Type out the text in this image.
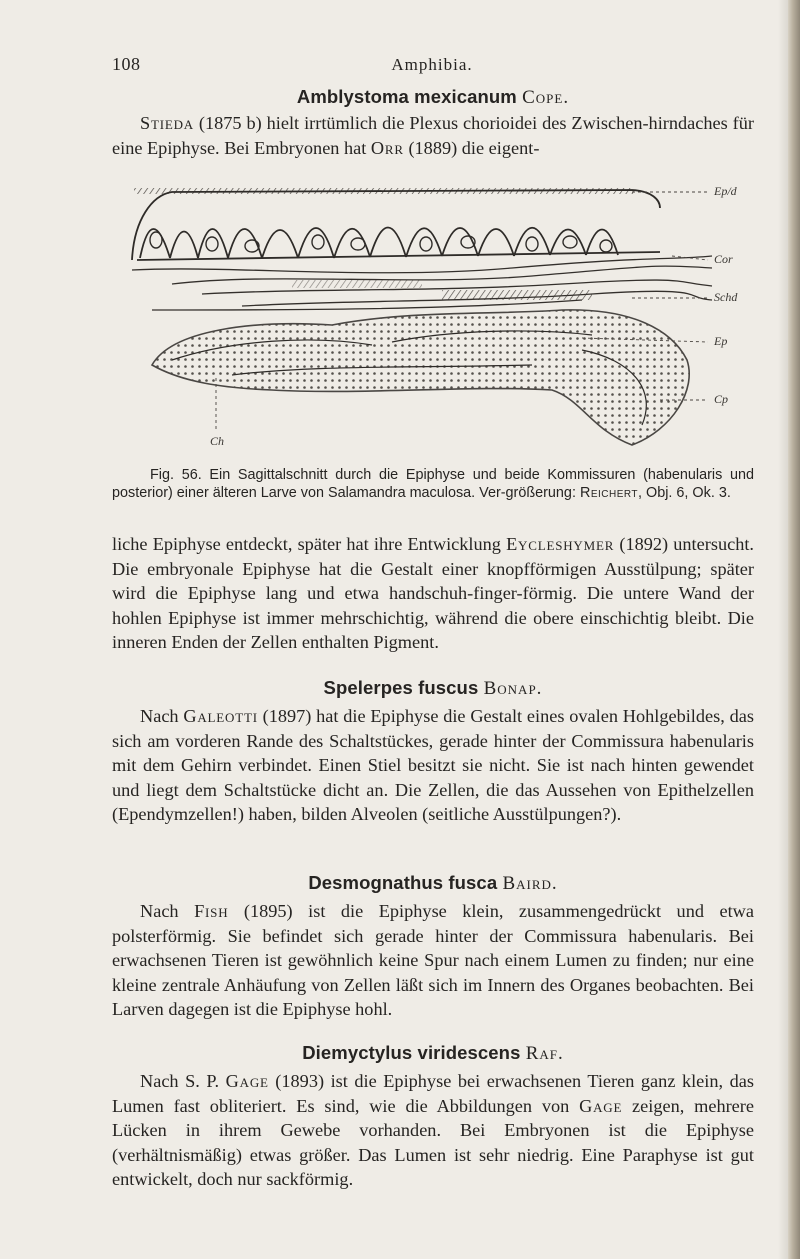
108	Amphibia.

Amblystoma mexicanum Cope.

Stieda (1875 b) hielt irrtümlich die Plexus chorioidei des Zwischen-hirndaches für eine Epiphyse. Bei Embryonen hat Orr (1889) die eigent-

Ep/d
Cor
Schd
Ep
Cp
Ch

Fig. 56. Ein Sagittalschnitt durch die Epiphyse und beide Kommissuren (habenularis und posterior) einer älteren Larve von Salamandra maculosa. Ver-größerung: Reichert, Obj. 6, Ok. 3.

liche Epiphyse entdeckt, später hat ihre Entwicklung Eycleshymer (1892) untersucht. Die embryonale Epiphyse hat die Gestalt einer knopfförmigen Ausstülpung; später wird die Epiphyse lang und etwa handschuh-finger-förmig. Die untere Wand der hohlen Epiphyse ist immer mehrschichtig, während die obere einschichtig bleibt. Die inneren Enden der Zellen enthalten Pigment.

Spelerpes fuscus Bonap.

Nach Galeotti (1897) hat die Epiphyse die Gestalt eines ovalen Hohlgebildes, das sich am vorderen Rande des Schaltstückes, gerade hinter der Commissura habenularis mit dem Gehirn verbindet. Einen Stiel besitzt sie nicht. Sie ist nach hinten gewendet und liegt dem Schaltstücke dicht an. Die Zellen, die das Aussehen von Epithelzellen (Ependymzellen!) haben, bilden Alveolen (seitliche Ausstülpungen?).

Desmognathus fusca Baird.

Nach Fish (1895) ist die Epiphyse klein, zusammengedrückt und etwa polsterförmig. Sie befindet sich gerade hinter der Commissura habenularis. Bei erwachsenen Tieren ist gewöhnlich keine Spur nach einem Lumen zu finden; nur eine kleine zentrale Anhäufung von Zellen läßt sich im Innern des Organes beobachten. Bei Larven dagegen ist die Epiphyse hohl.

Diemyctylus viridescens Raf.

Nach S. P. Gage (1893) ist die Epiphyse bei erwachsenen Tieren ganz klein, das Lumen fast obliteriert. Es sind, wie die Abbildungen von Gage zeigen, mehrere Lücken in ihrem Gewebe vorhanden. Bei Embryonen ist die Epiphyse (verhältnismäßig) etwas größer. Das Lumen ist sehr niedrig. Eine Paraphyse ist gut entwickelt, doch nur sackförmig.
